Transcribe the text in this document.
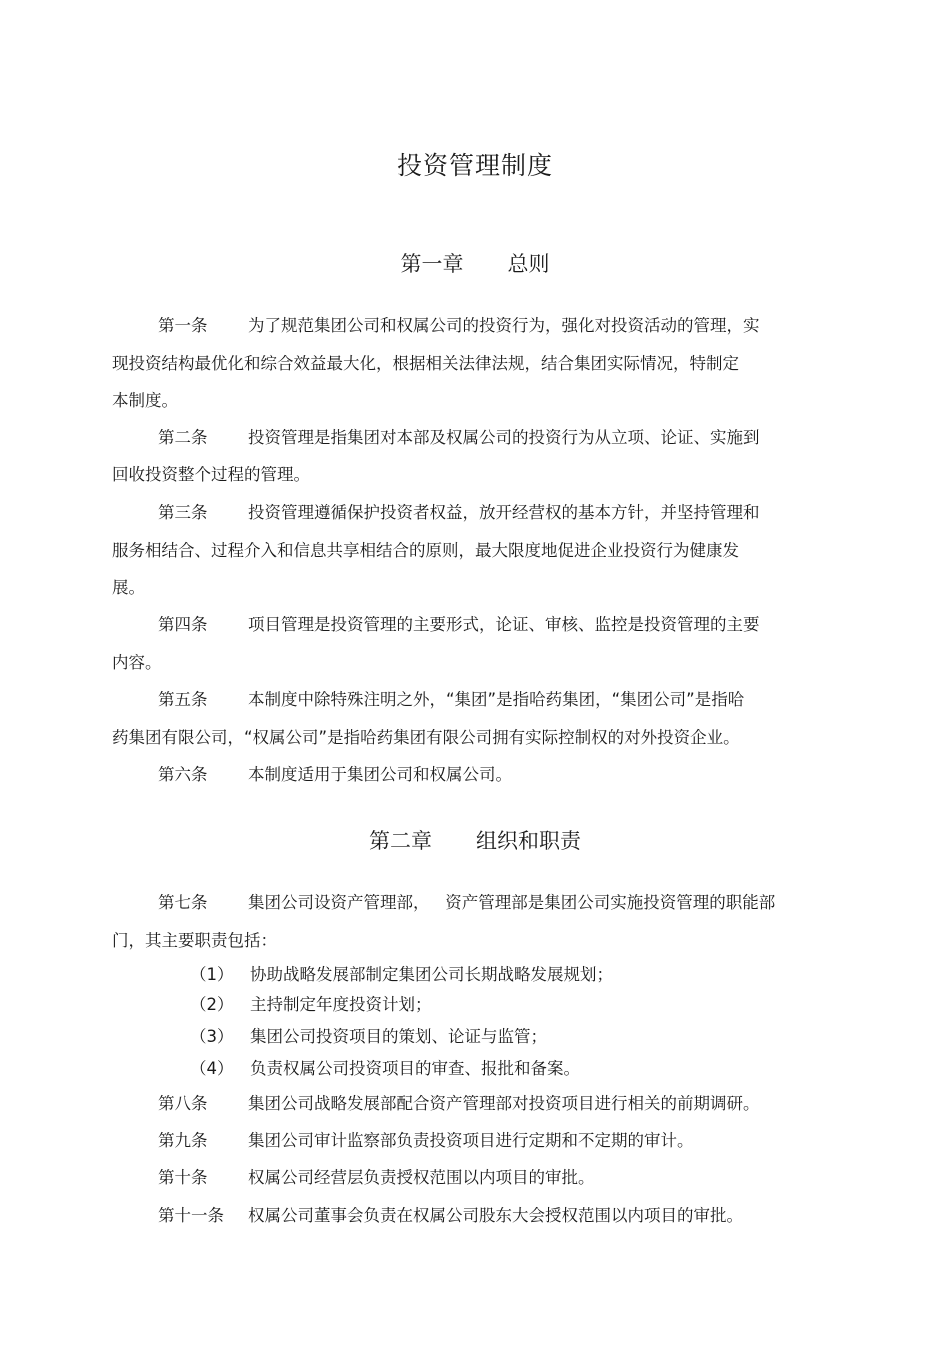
投资管理制度
第一章 总则
第一条 为了规范集团公司和权属公司的投资行为，强化对投资活动的管理，实
现投资结构最优化和综合效益最大化，根据相关法律法规，结合集团实际情况，特制定
本制度。
第二条 投资管理是指集团对本部及权属公司的投资行为从立项、论证、实施到
回收投资整个过程的管理。
第三条 投资管理遵循保护投资者权益，放开经营权的基本方针，并坚持管理和
服务相结合、过程介入和信息共享相结合的原则，最大限度地促进企业投资行为健康发
展。
第四条 项目管理是投资管理的主要形式，论证、审核、监控是投资管理的主要
内容。
第五条 本制度中除特殊注明之外，“集团”是指哈药集团，“集团公司”是指哈
药集团有限公司，“权属公司”是指哈药集团有限公司拥有实际控制权的对外投资企业。
第六条 本制度适用于集团公司和权属公司。
第二章 组织和职责
第七条 集团公司设资产管理部，   资产管理部是集团公司实施投资管理的职能部
门，其主要职责包括：
（1） 协助战略发展部制定集团公司长期战略发展规划；
（2） 主持制定年度投资计划；
（3） 集团公司投资项目的策划、论证与监管；
（4） 负责权属公司投资项目的审查、报批和备案。
第八条 集团公司战略发展部配合资产管理部对投资项目进行相关的前期调研。
第九条 集团公司审计监察部负责投资项目进行定期和不定期的审计。
第十条 权属公司经营层负责授权范围以内项目的审批。
第十一条 权属公司董事会负责在权属公司股东大会授权范围以内项目的审批。
